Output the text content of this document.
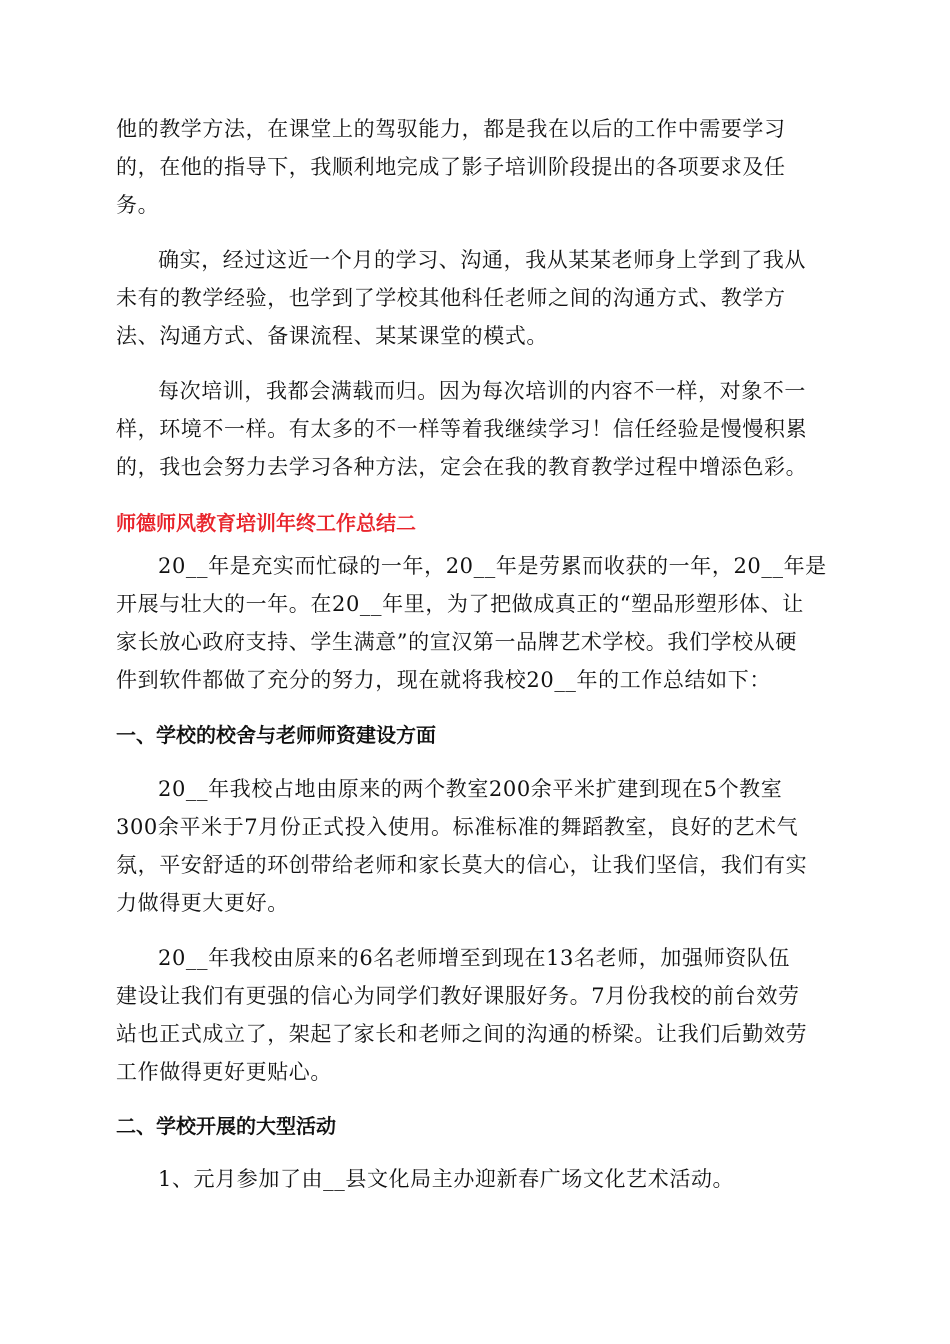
他的教学方法，在课堂上的驾驭能力，都是我在以后的工作中需要学习
的，在他的指导下，我顺利地完成了影子培训阶段提出的各项要求及任
务。
确实，经过这近一个月的学习、沟通，我从某某老师身上学到了我从
未有的教学经验，也学到了学校其他科任老师之间的沟通方式、教学方
法、沟通方式、备课流程、某某课堂的模式。
每次培训，我都会满载而归。因为每次培训的内容不一样，对象不一
样，环境不一样。有太多的不一样等着我继续学习！信任经验是慢慢积累
的，我也会努力去学习各种方法，定会在我的教育教学过程中增添色彩。
师德师风教育培训年终工作总结二
20__年是充实而忙碌的一年，20__年是劳累而收获的一年，20__年是
开展与壮大的一年。在20__年里，为了把做成真正的“塑品形塑形体、让
家长放心政府支持、学生满意”的宣汉第一品牌艺术学校。我们学校从硬
件到软件都做了充分的努力，现在就将我校20__年的工作总结如下：
一、学校的校舍与老师师资建设方面
20__年我校占地由原来的两个教室200余平米扩建到现在5个教室
300余平米于7月份正式投入使用。标准标准的舞蹈教室，良好的艺术气
氛，平安舒适的环创带给老师和家长莫大的信心，让我们坚信，我们有实
力做得更大更好。
20__年我校由原来的6名老师增至到现在13名老师，加强师资队伍
建设让我们有更强的信心为同学们教好课服好务。7月份我校的前台效劳
站也正式成立了，架起了家长和老师之间的沟通的桥梁。让我们后勤效劳
工作做得更好更贴心。
二、学校开展的大型活动
1、元月参加了由__县文化局主办迎新春广场文化艺术活动。
